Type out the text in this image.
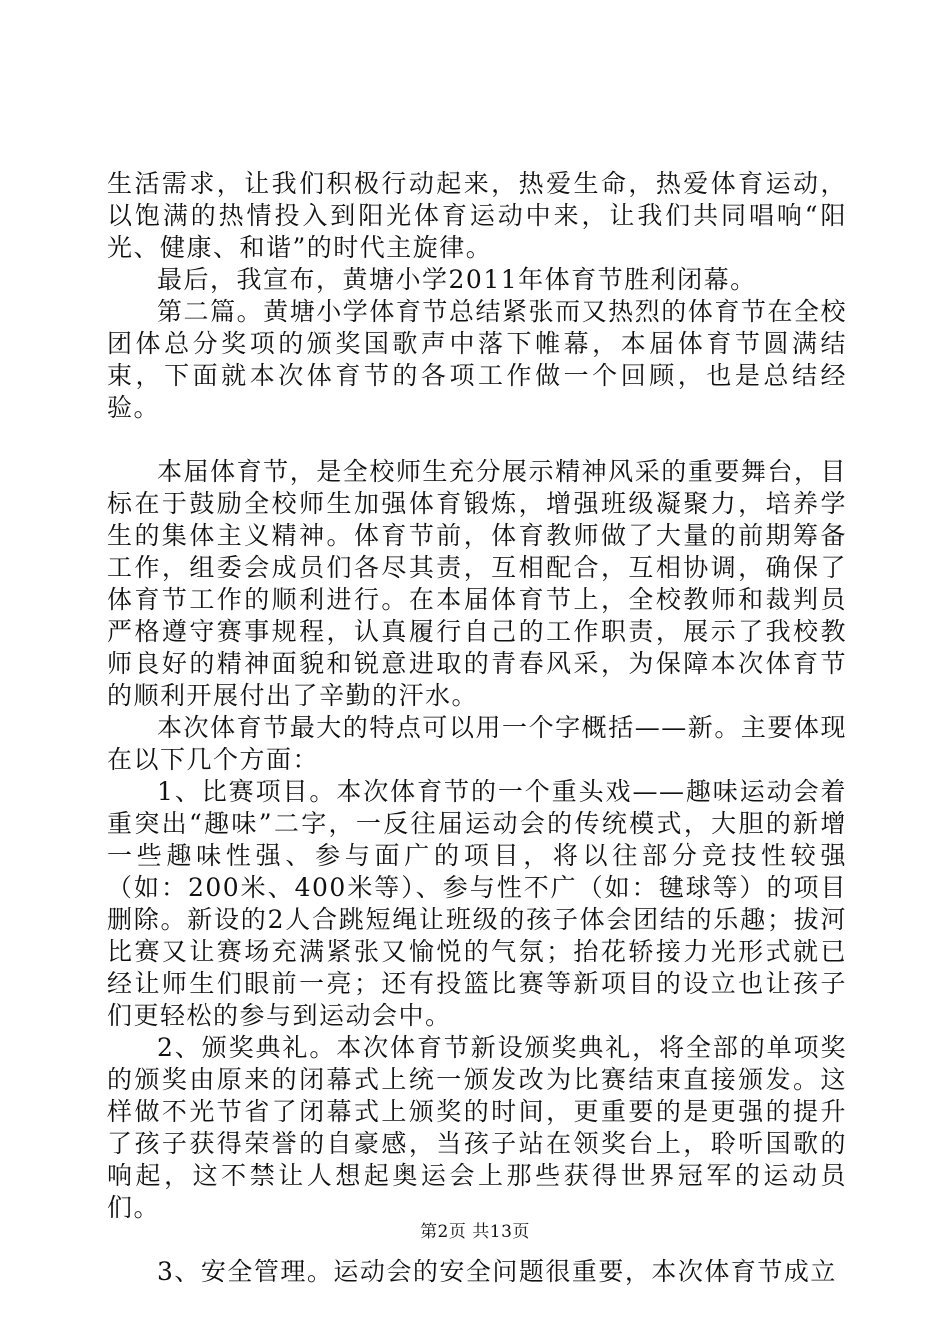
生活需求，让我们积极行动起来，热爱生命，热爱体育运动，以饱满的热情投入到阳光体育运动中来，让我们共同唱响“阳光、健康、和谐”的时代主旋律。

最后，我宣布，黄塘小学2011年体育节胜利闭幕。

第二篇。黄塘小学体育节总结紧张而又热烈的体育节在全校团体总分奖项的颁奖国歌声中落下帷幕，本届体育节圆满结束，下面就本次体育节的各项工作做一个回顾，也是总结经验。

本届体育节，是全校师生充分展示精神风采的重要舞台，目标在于鼓励全校师生加强体育锻炼，增强班级凝聚力，培养学生的集体主义精神。体育节前，体育教师做了大量的前期筹备工作，组委会成员们各尽其责，互相配合，互相协调，确保了体育节工作的顺利进行。在本届体育节上，全校教师和裁判员严格遵守赛事规程，认真履行自己的工作职责，展示了我校教师良好的精神面貌和锐意进取的青春风采，为保障本次体育节的顺利开展付出了辛勤的汗水。

本次体育节最大的特点可以用一个字概括——新。主要体现在以下几个方面：

1、比赛项目。本次体育节的一个重头戏——趣味运动会着重突出“趣味”二字，一反往届运动会的传统模式，大胆的新增一些趣味性强、参与面广的项目，将以往部分竞技性较强（如：200米、400米等）、参与性不广（如：毽球等）的项目删除。新设的2人合跳短绳让班级的孩子体会团结的乐趣；拔河比赛又让赛场充满紧张又愉悦的气氛；抬花轿接力光形式就已经让师生们眼前一亮；还有投篮比赛等新项目的设立也让孩子们更轻松的参与到运动会中。

2、颁奖典礼。本次体育节新设颁奖典礼，将全部的单项奖的颁奖由原来的闭幕式上统一颁发改为比赛结束直接颁发。这样做不光节省了闭幕式上颁奖的时间，更重要的是更强的提升了孩子获得荣誉的自豪感，当孩子站在领奖台上，聆听国歌的响起，这不禁让人想起奥运会上那些获得世界冠军的运动员们。

3、安全管理。运动会的安全问题很重要，本次体育节成立

第2页 共13页
